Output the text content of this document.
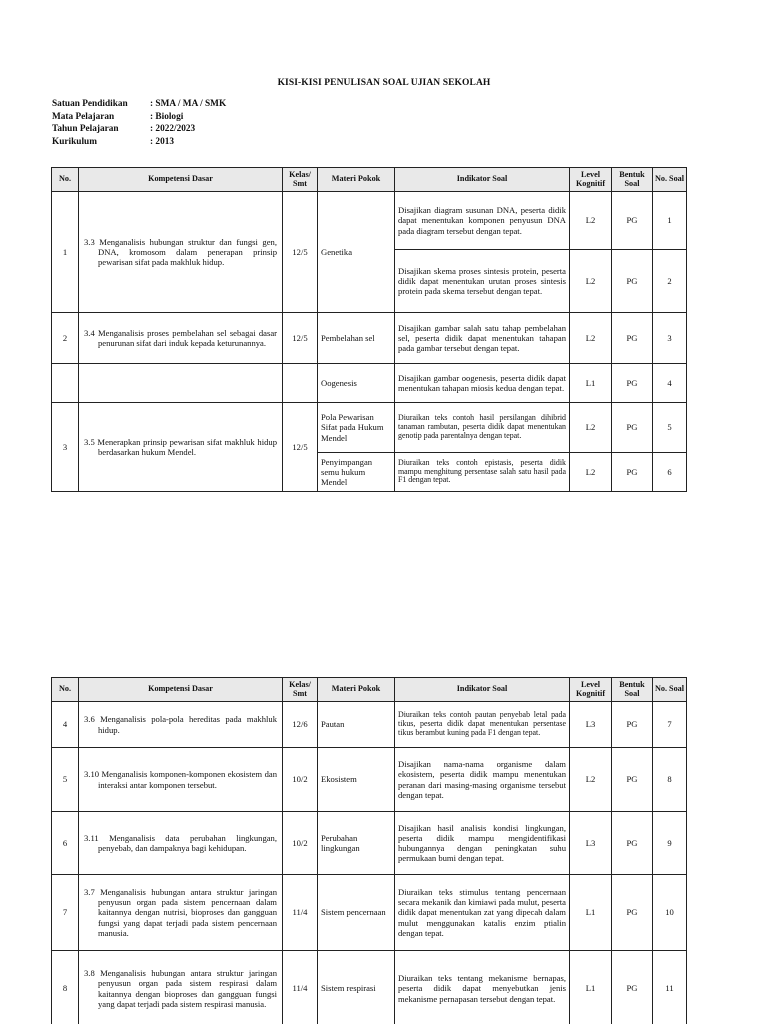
KISI-KISI PENULISAN SOAL UJIAN SEKOLAH
Satuan Pendidikan	: SMA / MA / SMK
Mata Pelajaran	: Biologi
Tahun Pelajaran	: 2022/2023
Kurikulum	: 2013
No.	Kompetensi Dasar	Kelas/ Smt	Materi Pokok	Indikator Soal	Level Kognitif	Bentuk Soal	No. Soal
1	3.3 Menganalisis hubungan struktur dan fungsi gen, DNA, kromosom dalam penerapan prinsip pewarisan sifat pada makhluk hidup.	12/5	Genetika	Disajikan diagram susunan DNA, peserta didik dapat menentukan komponen penyusun DNA pada diagram tersebut dengan tepat.	L2	PG	1
				Disajikan skema proses sintesis protein, peserta didik dapat menentukan urutan proses sintesis protein pada skema tersebut dengan tepat.	L2	PG	2
2	3.4 Menganalisis proses pembelahan sel sebagai dasar penurunan sifat dari induk kepada keturunannya.	12/5	Pembelahan sel	Disajikan gambar salah satu tahap pembelahan sel, peserta didik dapat menentukan tahapan pada gambar tersebut dengan tepat.	L2	PG	3
			Oogenesis	Disajikan gambar oogenesis, peserta didik dapat menentukan tahapan miosis kedua dengan tepat.	L1	PG	4
3	3.5 Menerapkan prinsip pewarisan sifat makhluk hidup berdasarkan hukum Mendel.	12/5	Pola Pewarisan Sifat pada Hukum Mendel	Diuraikan teks contoh hasil persilangan dihibrid tanaman rambutan, peserta didik dapat menentukan genotip pada parentalnya dengan tepat.	L2	PG	5
			Penyimpangan semu hukum Mendel	Diuraikan teks contoh epistasis, peserta didik mampu menghitung persentase salah satu hasil pada F1 dengan tepat.	L2	PG	6
No.	Kompetensi Dasar	Kelas/ Smt	Materi Pokok	Indikator Soal	Level Kognitif	Bentuk Soal	No. Soal
4	3.6 Menganalisis pola-pola hereditas pada makhluk hidup.	12/6	Pautan	Diuraikan teks contoh pautan penyebab letal pada tikus, peserta didik dapat menentukan persentase tikus berambut kuning pada F1 dengan tepat.	L3	PG	7
5	3.10 Menganalisis komponen-komponen ekosistem dan interaksi antar komponen tersebut.	10/2	Ekosistem	Disajikan nama-nama organisme dalam ekosistem, peserta didik mampu menentukan peranan dari masing-masing organisme tersebut dengan tepat.	L2	PG	8
6	3.11 Menganalisis data perubahan lingkungan, penyebab, dan dampaknya bagi kehidupan.	10/2	Perubahan lingkungan	Disajikan hasil analisis kondisi lingkungan, peserta didik mampu mengidentifikasi hubungannya dengan peningkatan suhu permukaan bumi dengan tepat.	L3	PG	9
7	3.7 Menganalisis hubungan antara struktur jaringan penyusun organ pada sistem pencernaan dalam kaitannya dengan nutrisi, bioproses dan gangguan fungsi yang dapat terjadi pada sistem pencernaan manusia.	11/4	Sistem pencernaan	Diuraikan teks stimulus tentang pencernaan secara mekanik dan kimiawi pada mulut, peserta didik dapat menentukan zat yang dipecah dalam mulut menggunakan katalis enzim ptialin dengan tepat.	L1	PG	10
8	3.8 Menganalisis hubungan antara struktur jaringan penyusun organ pada sistem respirasi dalam kaitannya dengan bioproses dan gangguan fungsi yang dapat terjadi pada sistem respirasi manusia.	11/4	Sistem respirasi	Diuraikan teks tentang mekanisme bernapas, peserta didik dapat menyebutkan jenis mekanisme pernapasan tersebut dengan tepat.	L1	PG	11
